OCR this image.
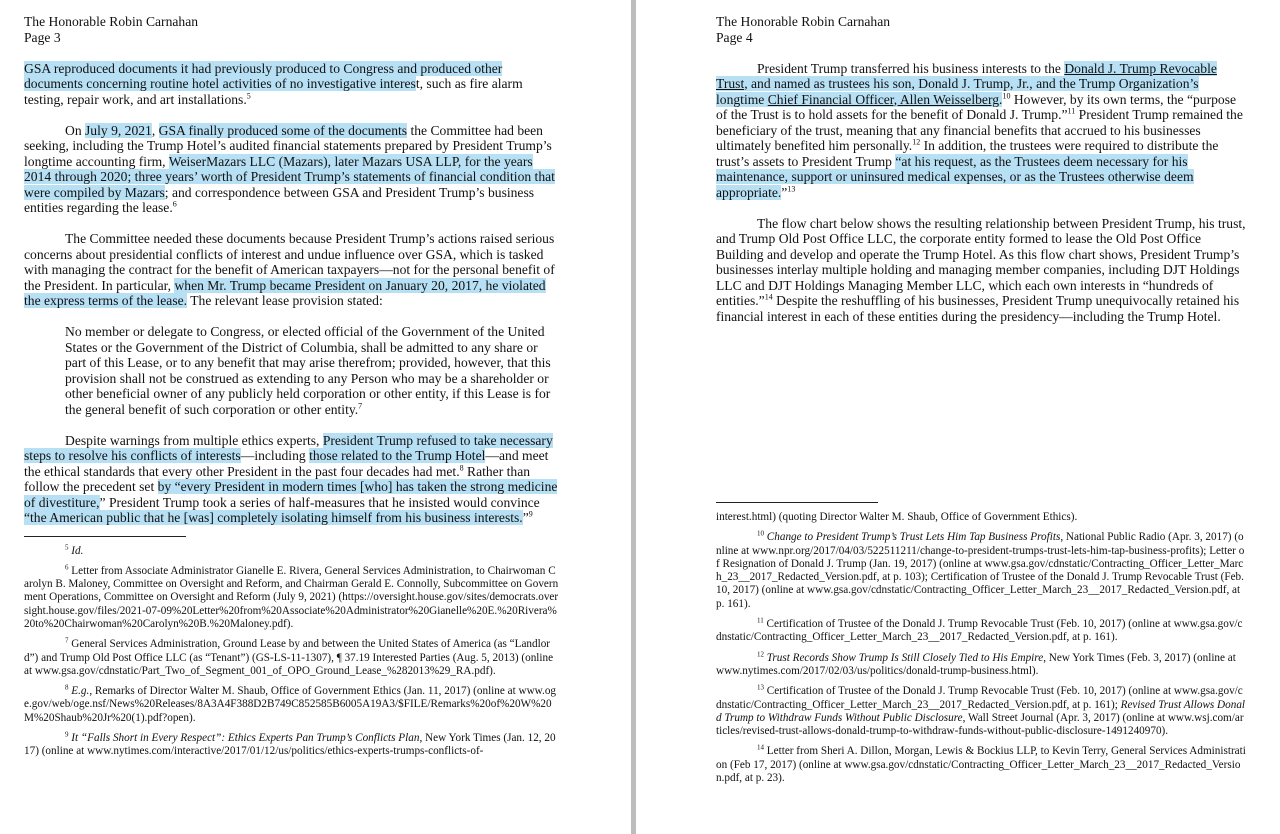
The Honorable Robin Carnahan
Page 3

GSA reproduced documents it had previously produced to Congress and produced other documents concerning routine hotel activities of no investigative interest, such as fire alarm testing, repair work, and art installations.$^5$

On July 9, 2021, GSA finally produced some of the documents the Committee had been seeking, including the Trump Hotel’s audited financial statements prepared by President Trump’s longtime accounting firm, WeiserMazars LLC (Mazars), later Mazars USA LLP, for the years 2014 through 2020; three years’ worth of President Trump’s statements of financial condition that were compiled by Mazars; and correspondence between GSA and President Trump’s business entities regarding the lease.$^6$

The Committee needed these documents because President Trump’s actions raised serious concerns about presidential conflicts of interest and undue influence over GSA, which is tasked with managing the contract for the benefit of American taxpayers—not for the personal benefit of the President. In particular, when Mr. Trump became President on January 20, 2017, he violated the express terms of the lease. The relevant lease provision stated:

No member or delegate to Congress, or elected official of the Government of the United States or the Government of the District of Columbia, shall be admitted to any share or part of this Lease, or to any benefit that may arise therefrom; provided, however, that this provision shall not be construed as extending to any Person who may be a shareholder or other beneficial owner of any publicly held corporation or other entity, if this Lease is for the general benefit of such corporation or other entity.$^7$

Despite warnings from multiple ethics experts, President Trump refused to take necessary steps to resolve his conflicts of interests—including those related to the Trump Hotel—and meet the ethical standards that every other President in the past four decades had met.$^8$ Rather than follow the precedent set by “every President in modern times [who] has taken the strong medicine of divestiture,” President Trump took a series of half-measures that he insisted would convince “the American public that he [was] completely isolating himself from his business interests.”$^9$

$^5$ Id.

$^6$ Letter from Associate Administrator Gianelle E. Rivera, General Services Administration, to Chairwoman Carolyn B. Maloney, Committee on Oversight and Reform, and Chairman Gerald E. Connolly, Subcommittee on Government Operations, Committee on Oversight and Reform (July 9, 2021) (https://oversight.house.gov/sites/democrats.oversight.house.gov/files/2021-07-09%20Letter%20from%20Associate%20Administrator%20Gianelle%20E.%20Rivera%20to%20Chairwoman%20Carolyn%20B.%20Maloney.pdf).

$^7$ General Services Administration, Ground Lease by and between the United States of America (as “Landlord”) and Trump Old Post Office LLC (as “Tenant”) (GS-LS-11-1307), ¶ 37.19 Interested Parties (Aug. 5, 2013) (online at www.gsa.gov/cdnstatic/Part_Two_of_Segment_001_of_OPO_Ground_Lease_%282013%29_RA.pdf).

$^8$ E.g., Remarks of Director Walter M. Shaub, Office of Government Ethics (Jan. 11, 2017) (online at www.oge.gov/web/oge.nsf/News%20Releases/8A3A4F388D2B749C852585B6005A19A3/$FILE/Remarks%20of%20W%20M%20Shaub%20Jr%20(1).pdf?open).

$^9$ It “Falls Short in Every Respect”: Ethics Experts Pan Trump’s Conflicts Plan, New York Times (Jan. 12, 2017) (online at www.nytimes.com/interactive/2017/01/12/us/politics/ethics-experts-trumps-conflicts-of-

The Honorable Robin Carnahan
Page 4

President Trump transferred his business interests to the Donald J. Trump Revocable Trust, and named as trustees his son, Donald J. Trump, Jr., and the Trump Organization’s longtime Chief Financial Officer, Allen Weisselberg.$^{10}$ However, by its own terms, the “purpose of the Trust is to hold assets for the benefit of Donald J. Trump.”$^{11}$ President Trump remained the beneficiary of the trust, meaning that any financial benefits that accrued to his businesses ultimately benefited him personally.$^{12}$ In addition, the trustees were required to distribute the trust’s assets to President Trump “at his request, as the Trustees deem necessary for his maintenance, support or uninsured medical expenses, or as the Trustees otherwise deem appropriate.”$^{13}$

The flow chart below shows the resulting relationship between President Trump, his trust, and Trump Old Post Office LLC, the corporate entity formed to lease the Old Post Office Building and develop and operate the Trump Hotel. As this flow chart shows, President Trump’s businesses interlay multiple holding and managing member companies, including DJT Holdings LLC and DJT Holdings Managing Member LLC, which each own interests in “hundreds of entities.”$^{14}$ Despite the reshuffling of his businesses, President Trump unequivocally retained his financial interest in each of these entities during the presidency—including the Trump Hotel.

interest.html) (quoting Director Walter M. Shaub, Office of Government Ethics).

$^{10}$ Change to President Trump’s Trust Lets Him Tap Business Profits, National Public Radio (Apr. 3, 2017) (online at www.npr.org/2017/04/03/522511211/change-to-president-trumps-trust-lets-him-tap-business-profits); Letter of Resignation of Donald J. Trump (Jan. 19, 2017) (online at www.gsa.gov/cdnstatic/Contracting_Officer_Letter_March_23__2017_Redacted_Version.pdf, at p. 103); Certification of Trustee of the Donald J. Trump Revocable Trust (Feb. 10, 2017) (online at www.gsa.gov/cdnstatic/Contracting_Officer_Letter_March_23__2017_Redacted_Version.pdf, at p. 161).

$^{11}$ Certification of Trustee of the Donald J. Trump Revocable Trust (Feb. 10, 2017) (online at www.gsa.gov/cdnstatic/Contracting_Officer_Letter_March_23__2017_Redacted_Version.pdf, at p. 161).

$^{12}$ Trust Records Show Trump Is Still Closely Tied to His Empire, New York Times (Feb. 3, 2017) (online at www.nytimes.com/2017/02/03/us/politics/donald-trump-business.html).

$^{13}$ Certification of Trustee of the Donald J. Trump Revocable Trust (Feb. 10, 2017) (online at www.gsa.gov/cdnstatic/Contracting_Officer_Letter_March_23__2017_Redacted_Version.pdf, at p. 161); Revised Trust Allows Donald Trump to Withdraw Funds Without Public Disclosure, Wall Street Journal (Apr. 3, 2017) (online at www.wsj.com/articles/revised-trust-allows-donald-trump-to-withdraw-funds-without-public-disclosure-1491240970).

$^{14}$ Letter from Sheri A. Dillon, Morgan, Lewis & Bockius LLP, to Kevin Terry, General Services Administration (Feb 17, 2017) (online at www.gsa.gov/cdnstatic/Contracting_Officer_Letter_March_23__2017_Redacted_Version.pdf, at p. 23).
